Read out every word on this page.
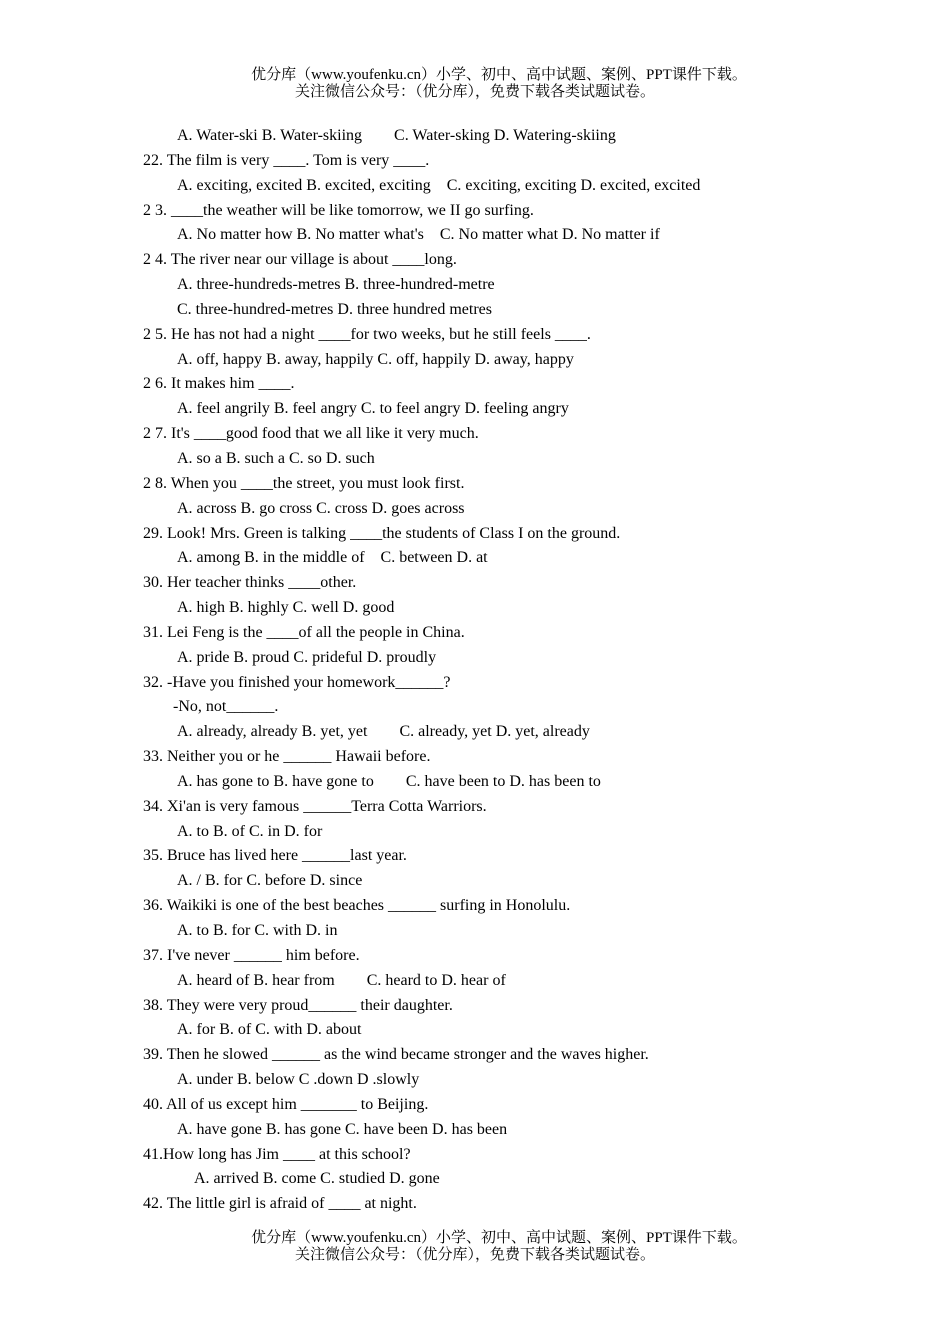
优分库（www.youfenku.cn）小学、初中、高中试题、案例、PPT课件下载。
关注微信公众号：（优分库），免费下载各类试题试卷。
A. Water-ski B. Water-skiing        C. Water-sking D. Watering-skiing
22. The film is very ____. Tom is very ____.
A. exciting, excited B. excited, exciting    C. exciting, exciting D. excited, excited
2 3. ____the weather will be like tomorrow, we II go surfing.
A. No matter how B. No matter what's    C. No matter what D. No matter if
2 4. The river near our village is about ____long.
A. three-hundreds-metres B. three-hundred-metre
C. three-hundred-metres D. three hundred metres
2 5. He has not had a night ____for two weeks, but he still feels ____.
A. off, happy B. away, happily C. off, happily D. away, happy
2 6. It makes him ____.
A. feel angrily B. feel angry C. to feel angry D. feeling angry
2 7. It's ____good food that we all like it very much.
A. so a B. such a C. so D. such
2 8. When you ____the street, you must look first.
A. across B. go cross C. cross D. goes across
29. Look! Mrs. Green is talking ____the students of Class I on the ground.
A. among B. in the middle of    C. between D. at
30. Her teacher thinks ____other.
A. high B. highly C. well D. good
31. Lei Feng is the ____of all the people in China.
A. pride B. proud C. prideful D. proudly
32. -Have you finished your homework______?
-No, not______.
A. already, already B. yet, yet        C. already, yet D. yet, already
33. Neither you or he ______ Hawaii before.
A. has gone to B. have gone to        C. have been to D. has been to
34. Xi'an is very famous ______Terra Cotta Warriors.
A. to B. of C. in D. for
35. Bruce has lived here ______last year.
A. / B. for C. before D. since
36. Waikiki is one of the best beaches ______ surfing in Honolulu.
A. to B. for C. with D. in
37. I've never ______ him before.
A. heard of B. hear from        C. heard to D. hear of
38. They were very proud______ their daughter.
A. for B. of C. with D. about
39. Then he slowed ______ as the wind became stronger and the waves higher.
A. under B. below C .down D .slowly
40. All of us except him _______ to Beijing.
A. have gone B. has gone C. have been D. has been
41.How long has Jim ____ at this school?
A. arrived B. come C. studied D. gone
42. The little girl is afraid of ____ at night.
优分库（www.youfenku.cn）小学、初中、高中试题、案例、PPT课件下载。
关注微信公众号：（优分库），免费下载各类试题试卷。
